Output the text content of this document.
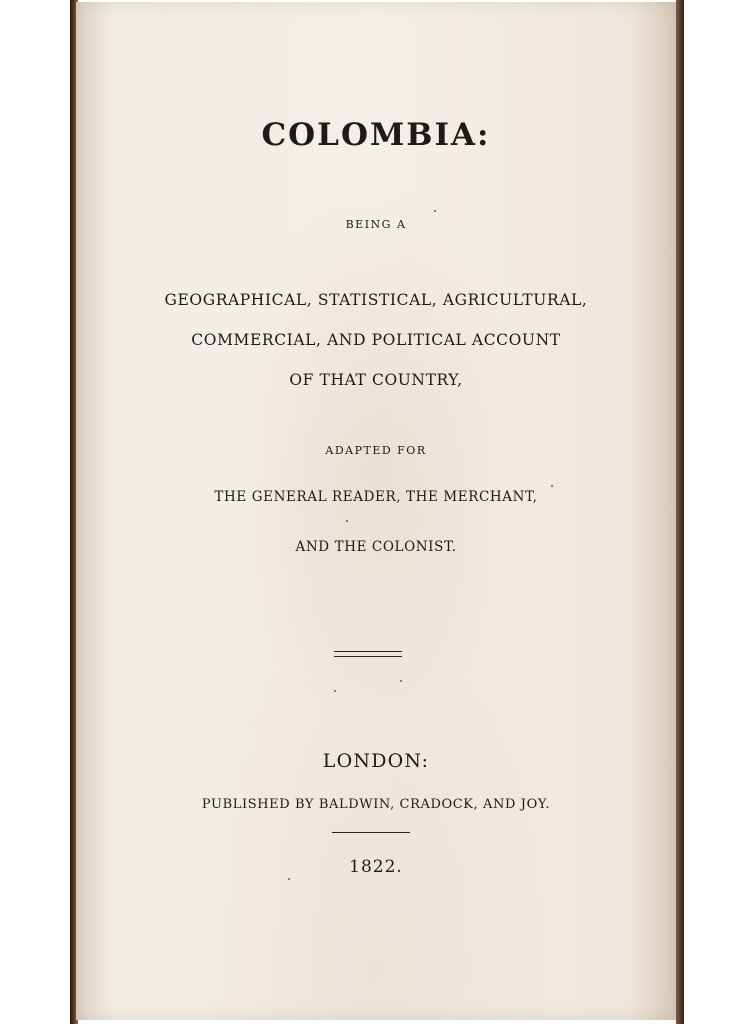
COLOMBIA:
BEING A
GEOGRAPHICAL, STATISTICAL, AGRICULTURAL,
COMMERCIAL, AND POLITICAL ACCOUNT
OF THAT COUNTRY,
ADAPTED FOR
THE GENERAL READER, THE MERCHANT,
AND THE COLONIST.
LONDON:
PUBLISHED BY BALDWIN, CRADOCK, AND JOY.
1822.
